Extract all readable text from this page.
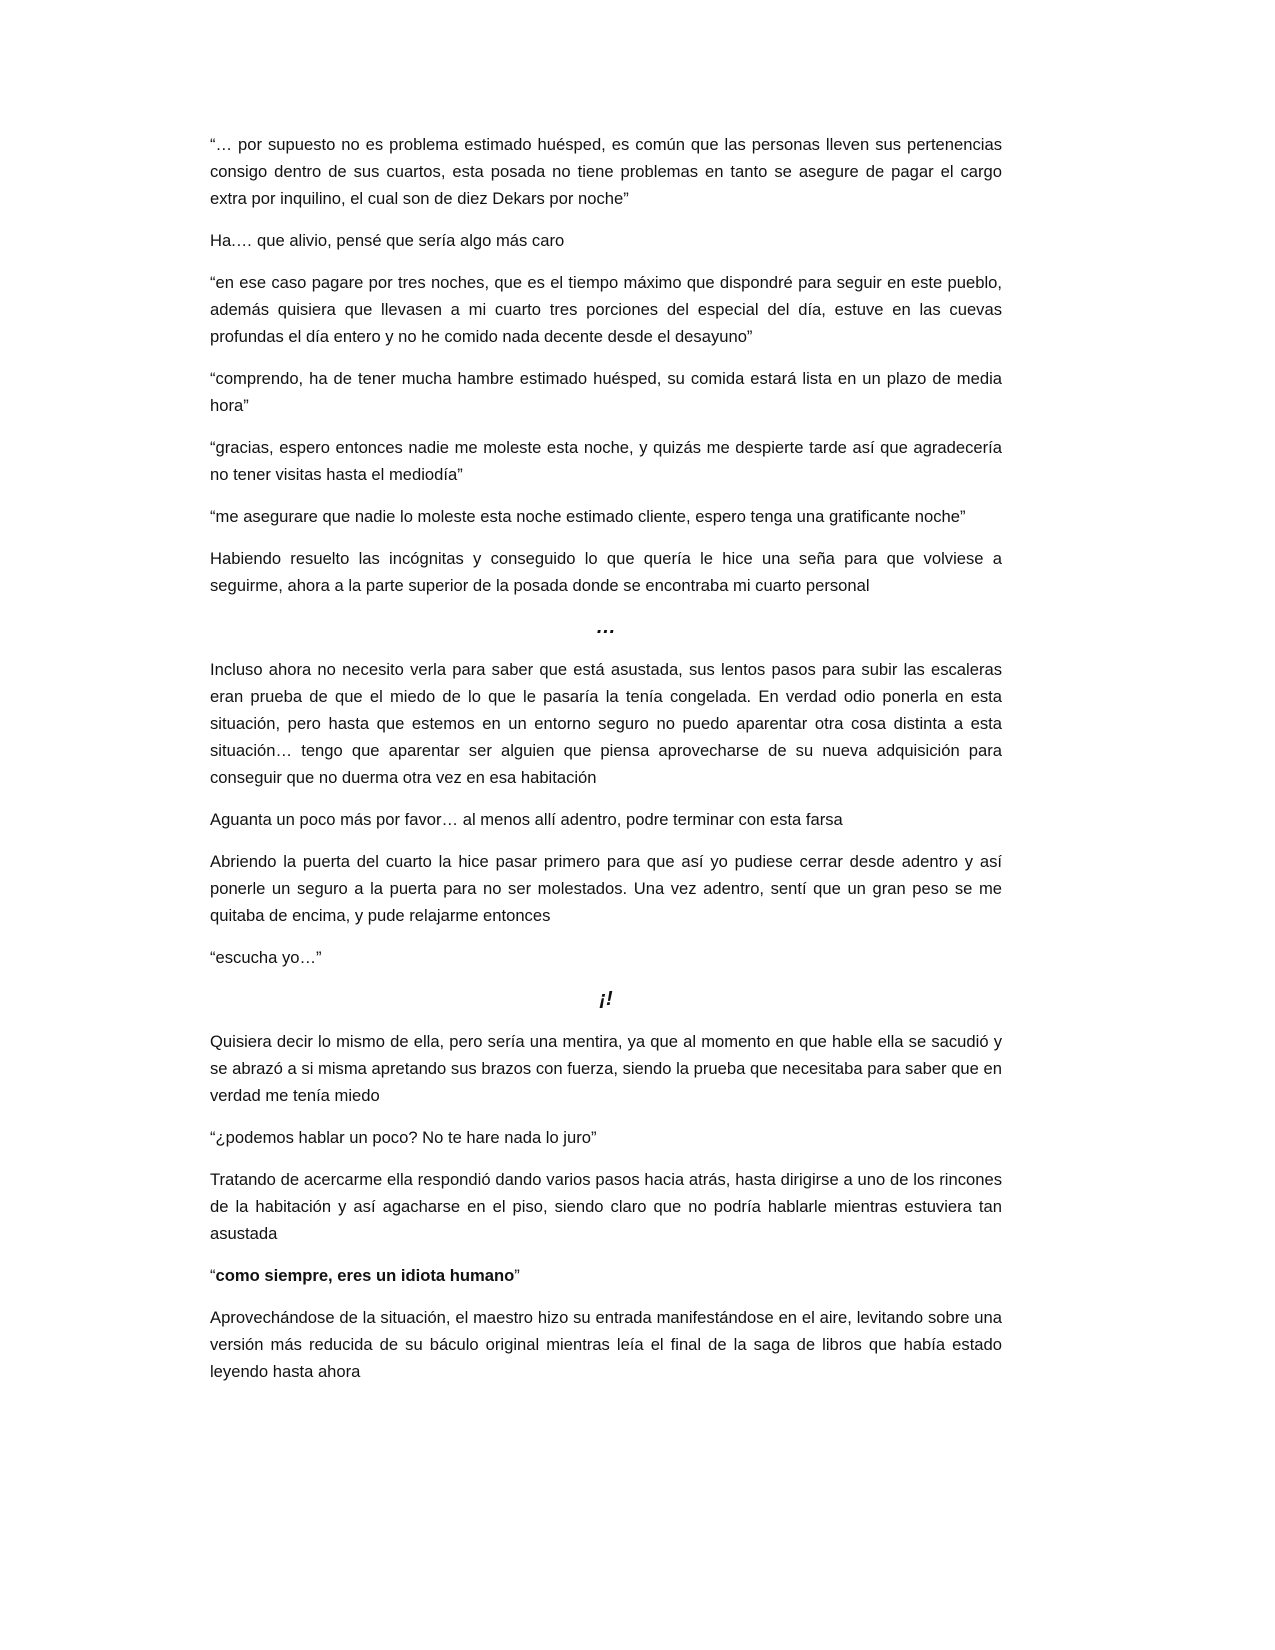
“… por supuesto no es problema estimado huésped, es común que las personas lleven sus pertenencias consigo dentro de sus cuartos, esta posada no tiene problemas en tanto se asegure de pagar el cargo extra por inquilino, el cual son de diez Dekars por noche”

Ha.… que alivio, pensé que sería algo más caro

“en ese caso pagare por tres noches, que es el tiempo máximo que dispondré para seguir en este pueblo, además quisiera que llevasen a mi cuarto tres porciones del especial del día, estuve en las cuevas profundas el día entero y no he comido nada decente desde el desayuno”

“comprendo, ha de tener mucha hambre estimado huésped, su comida estará lista en un plazo de media hora”

“gracias, espero entonces nadie me moleste esta noche, y quizás me despierte tarde así que agradecería no tener visitas hasta el mediodía”

“me asegurare que nadie lo moleste esta noche estimado cliente, espero tenga una gratificante noche”

Habiendo resuelto las incógnitas y conseguido lo que quería le hice una seña para que volviese a seguirme, ahora a la parte superior de la posada donde se encontraba mi cuarto personal

…

Incluso ahora no necesito verla para saber que está asustada, sus lentos pasos para subir las escaleras eran prueba de que el miedo de lo que le pasaría la tenía congelada. En verdad odio ponerla en esta situación, pero hasta que estemos en un entorno seguro no puedo aparentar otra cosa distinta a esta situación… tengo que aparentar ser alguien que piensa aprovecharse de su nueva adquisición para conseguir que no duerma otra vez en esa habitación

Aguanta un poco más por favor… al menos allí adentro, podre terminar con esta farsa

Abriendo la puerta del cuarto la hice pasar primero para que así yo pudiese cerrar desde adentro y así ponerle un seguro a la puerta para no ser molestados. Una vez adentro, sentí que un gran peso se me quitaba de encima, y pude relajarme entonces

“escucha yo…”

¡!

Quisiera decir lo mismo de ella, pero sería una mentira, ya que al momento en que hable ella se sacudió y se abrazó a si misma apretando sus brazos con fuerza, siendo la prueba que necesitaba para saber que en verdad me tenía miedo

“¿podemos hablar un poco? No te hare nada lo juro”

Tratando de acercarme ella respondió dando varios pasos hacia atrás, hasta dirigirse a uno de los rincones de la habitación y así agacharse en el piso, siendo claro que no podría hablarle mientras estuviera tan asustada

“como siempre, eres un idiota humano”

Aprovechándose de la situación, el maestro hizo su entrada manifestándose en el aire, levitando sobre una versión más reducida de su báculo original mientras leía el final de la saga de libros que había estado leyendo hasta ahora
